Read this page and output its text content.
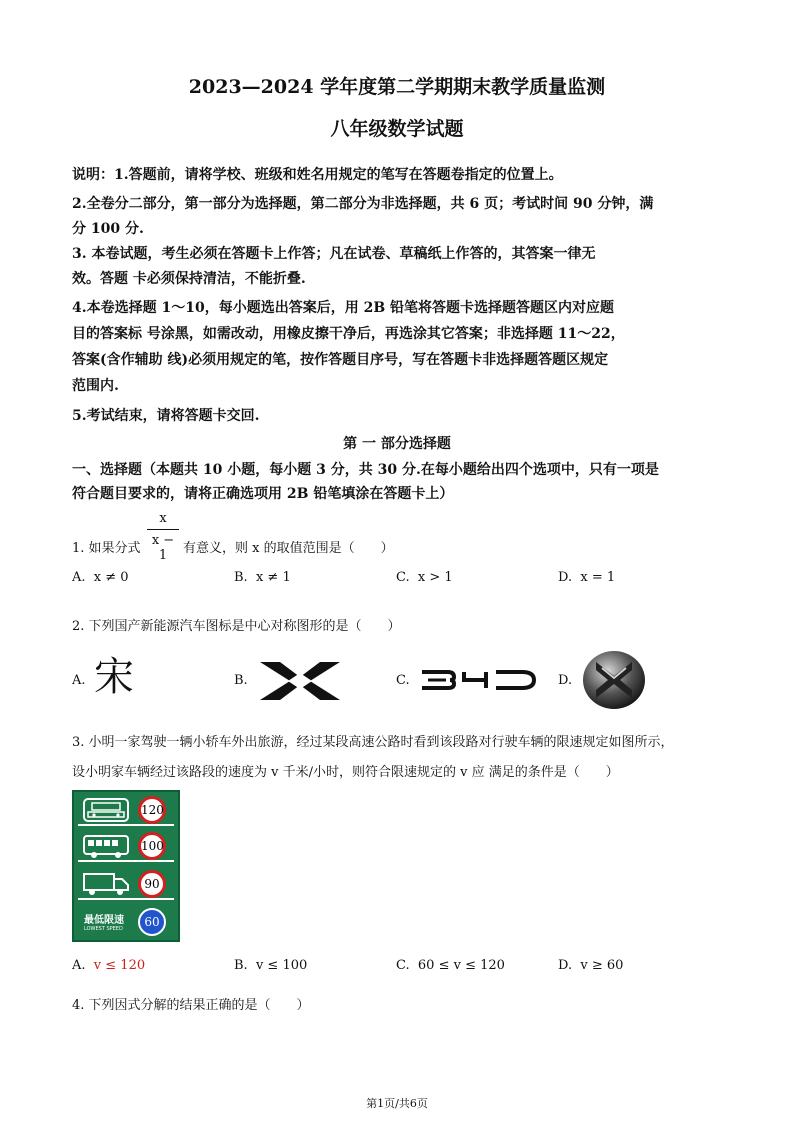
2023—2024 学年度第二学期期末教学质量监测
八年级数学试题
说明：1.答题前，请将学校、班级和姓名用规定的笔写在答题卷指定的位置上。
2.全卷分二部分，第一部分为选择题，第二部分为非选择题，共 6 页；考试时间 90 分钟，满
分 100 分.
3. 本卷试题，考生必须在答题卡上作答；凡在试卷、草稿纸上作答的，其答案一律无
效。答题 卡必须保持清洁，不能折叠.
4.本卷选择题 1～10，每小题选出答案后，用 2B 铅笔将答题卡选择题答题区内对应题
目的答案标 号涂黑，如需改动，用橡皮擦干净后，再选涂其它答案；非选择题 11～22，
答案(含作辅助 线)必须用规定的笔，按作答题目序号，写在答题卡非选择题答题区规定
范围内.
5.考试结束，请将答题卡交回.
第 一 部分选择题
一、选择题（本题共 10 小题，每小题 3 分，共 30 分.在每小题给出四个选项中，只有一项是
符合题目要求的，请将正确选项用 2B 铅笔填涂在答题卡上）
1. 如果分式
x
x − 1	有意义，则 x 的取值范围是（　　）
A. x ≠ 0	B. x ≠ 1	C. x > 1	D. x = 1
2. 下列国产新能源汽车图标是中心对称图形的是（　　）
A. 宋	B.	C.	D.
3. 小明一家驾驶一辆小轿车外出旅游，经过某段高速公路时看到该段路对行驶车辆的限速规定如图所示，
设小明家车辆经过该路段的速度为 v 千米/小时，则符合限速规定的 v 应 满足的条件是（　　）
120
100
90
最低限速
LOWEST SPEED	60
A. v ≤ 120	B. v ≤ 100	C. 60 ≤ v ≤ 120	D. v ≥ 60
4. 下列因式分解的结果正确的是（　　）
第1页/共6页
